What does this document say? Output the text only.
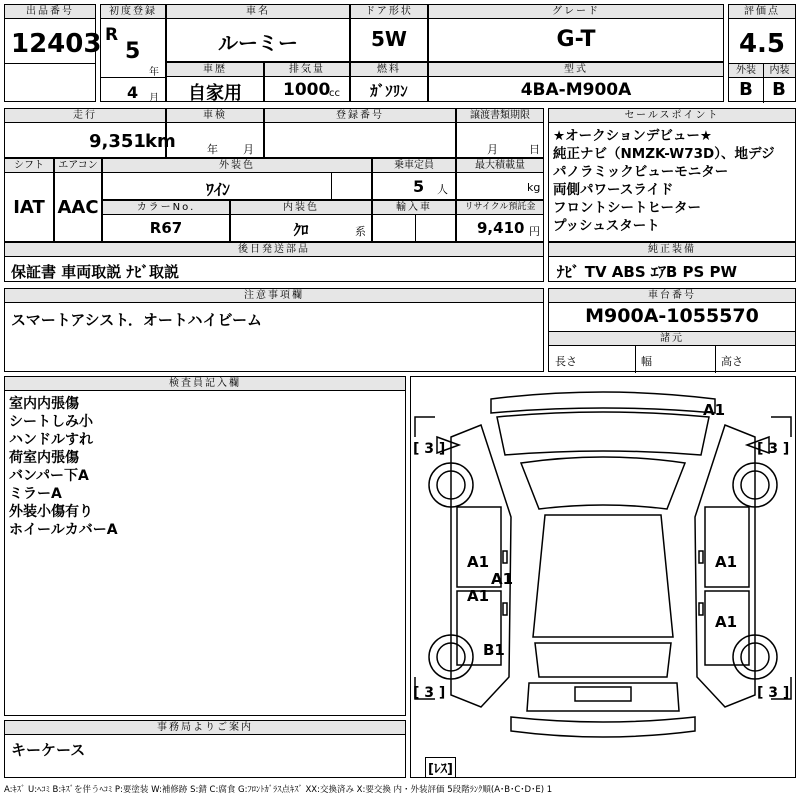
出品番号
12403
初度登録
R
5
年
4 月
車名
ルーミー
ドア形状
5W
グレード
G-T
評価点
4.5
外装	内装
B	B
車歴
自家用
排気量
1000
cc
燃料
ｶﾞｿﾘﾝ
型式
4BA-M900A
走行
9,351 km
車検
年 月
登録番号	譲渡書類期限
月	日
シフト
IAT
エアコン
AAC
外装色
ﾜｲﾝ
乗車定員
5 人
最大積載量
kg
カラーNo.
R67
内装色
ｸﾛ	系
輸入車	リサイクル預託金
9,410 円
セールスポイント
★オークションデビュー★
純正ナビ（NMZK-W73D）、地デジ
パノラミックビューモニター
両側パワースライド
フロントシートヒーター
プッシュスタート
後日発送部品
保証書 車両取説 ﾅﾋﾞ取説
純正装備
ﾅﾋﾞ TV ABS ｴｱB PS PW
注意事項欄
スマートアシスト．オートハイビーム
車台番号
M900A-1055570
諸元
長さ	幅	高さ
検査員記入欄
室内内張傷
シートしみ小
ハンドルすれ
荷室内張傷
バンパー下A
ミラーA
外装小傷有り
ホイールカバーA
事務局よりご案内
キーケース
A1
A1
A1
A1
A1
A1
B1
[ 3 ]	[ 3 ]
[ 3 ]	[ 3 ]
[ﾚｽ]
A:ｷｽﾞ U:ﾍｺﾐ B:ｷｽﾞを伴うﾍｺﾐ P:要塗装 W:補修跡 S:錆 C:腐食 G:ﾌﾛﾝﾄｶﾞﾗｽ点ｷｽﾞ XX:交換済み X:要交換 内・外装評価 5段階ﾗﾝｸ順(A･B･C･D･E) 1
